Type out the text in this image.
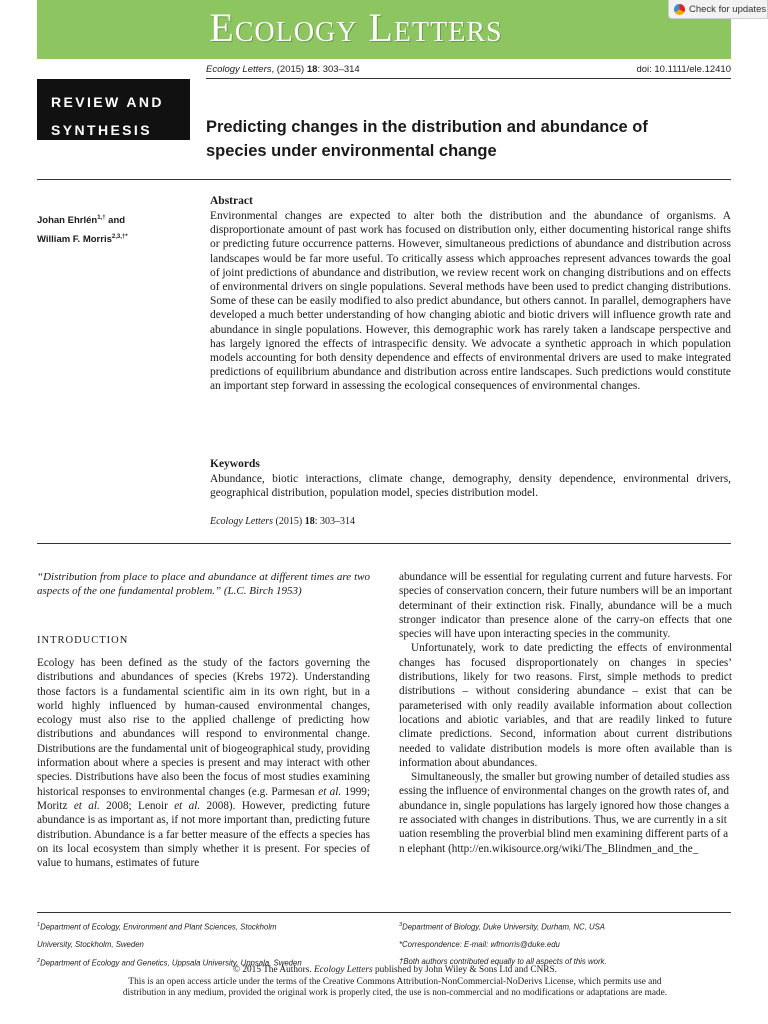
Ecology Letters	Check for updates
Ecology Letters, (2015) 18: 303–314	doi: 10.1111/ele.12410
REVIEW AND
SYNTHESIS	Predicting changes in the distribution and abundance of species under environmental change
Johan Ehrlén$^{1,\dagger}$ and
William F. Morris$^{2,3,\dagger*}$
Abstract

Environmental changes are expected to alter both the distribution and the abundance of organisms. A disproportionate amount of past work has focused on distribution only, either documenting historical range shifts or predicting future occurrence patterns. However, simultaneous predictions of abundance and distribution across landscapes would be far more useful. To critically assess which approaches represent advances towards the goal of joint predictions of abundance and distribution, we review recent work on changing distributions and on effects of environmental drivers on single populations. Several methods have been used to predict changing distributions. Some of these can be easily modified to also predict abundance, but others cannot. In parallel, demographers have developed a much better understanding of how changing abiotic and biotic drivers will influence growth rate and abundance in single populations. However, this demographic work has rarely taken a landscape perspective and has largely ignored the effects of intraspecific density. We advocate a synthetic approach in which population models accounting for both density dependence and effects of environmental drivers are used to make integrated predictions of equilibrium abundance and distribution across entire landscapes. Such predictions would constitute an important step forward in assessing the ecological consequences of environmental changes.

Keywords

Abundance, biotic interactions, climate change, demography, density dependence, environmental drivers, geographical distribution, population model, species distribution model.

Ecology Letters (2015) 18: 303–314

“Distribution from place to place and abundance at different times are two aspects of the one fundamental problem.” (L.C. Birch 1953)

INTRODUCTION

Ecology has been defined as the study of the factors governing the distributions and abundances of species (Krebs 1972). Understanding those factors is a fundamental scientific aim in its own right, but in a world highly influenced by human-caused environmental changes, ecology must also rise to the applied challenge of predicting how distributions and abundances will respond to environmental change. Distributions are the fundamental unit of biogeographical study, providing information about where a species is present and may interact with other species. Distributions have also been the focus of most studies examining historical responses to environmental changes (e.g. Parmesan et al. 1999; Moritz et al. 2008; Lenoir et al. 2008). However, predicting future abundance is as important as, if not more important than, predicting future distribution. Abundance is a far better measure of the effects a species has on its local ecosystem than simply whether it is present. For species of value to humans, estimates of future

abundance will be essential for regulating current and future harvests. For species of conservation concern, their future numbers will be an important determinant of their extinction risk. Finally, abundance will be a much stronger indicator than presence alone of the carry-on effects that one species will have upon interacting species in the community.

Unfortunately, work to date predicting the effects of environmental changes has focused disproportionately on changes in species’ distributions, likely for two reasons. First, simple methods to predict distributions – without considering abundance – exist that can be parameterised with only readily available information about collection locations and abiotic variables, and that are readily linked to future climate predictions. Second, information about current distributions needed to validate distribution models is more often available than is information about abundances.

Simultaneously, the smaller but growing number of detailed studies assessing the influence of environmental changes on the growth rates of, and abundance in, single populations has largely ignored how those changes are associated with changes in distributions. Thus, we are currently in a situation resembling the proverbial blind men examining different parts of an elephant (http://en.wikisource.org/wiki/The_Blindmen_and_the_

$^1$Department of Ecology, Environment and Plant Sciences, Stockholm
University, Stockholm, Sweden
$^2$Department of Ecology and Genetics, Uppsala University, Uppsala, Sweden
$^3$Department of Biology, Duke University, Durham, NC, USA
*Correspondence: E-mail: wfmorris@duke.edu
†Both authors contributed equally to all aspects of this work.
© 2015 The Authors. Ecology Letters published by John Wiley & Sons Ltd and CNRS.
This is an open access article under the terms of the Creative Commons Attribution-NonCommercial-NoDerivs License, which permits use and
distribution in any medium, provided the original work is properly cited, the use is non-commercial and no modifications or adaptations are made.
